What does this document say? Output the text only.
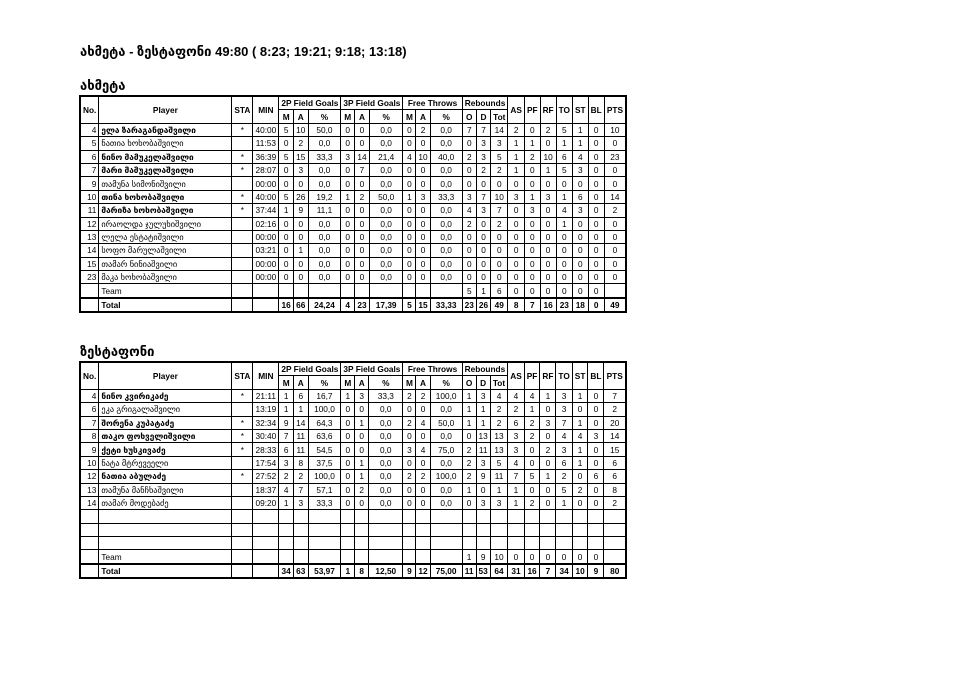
ახმეტა - ზესტაფონი 49:80 ( 8:23; 19:21; 9:18; 13:18)
ახმეტა
No.	Player	STA	MIN	2P Field Goals			3P Field Goals			Free Throws			Rebounds			AS	PF	RF	TO	ST	BL	PTS
				M	A	%	M	A	%	M	A	%	O	D	Tot							
4	ელა ზარაგანდაშვილი	*	40:00	5	10	50,0	0	0	0,0	0	2	0,0	7	7	14	2	0	2	5	1	0	10
5	ნათია ხოხობაშვილი		11:53	0	2	0,0	0	0	0,0	0	0	0,0	0	3	3	1	1	0	1	1	0	0
6	ნინო მამუკელაშვილი	*	36:39	5	15	33,3	3	14	21,4	4	10	40,0	2	3	5	1	2	10	6	4	0	23
7	მარი მამუკელაშვილი	*	28:07	0	3	0,0	0	7	0,0	0	0	0,0	0	2	2	1	0	1	5	3	0	0
9	თამუნა სიმონიშვილი		00:00	0	0	0,0	0	0	0,0	0	0	0,0	0	0	0	0	0	0	0	0	0	0
10	თინა ხოხობაშვილი	*	40:00	5	26	19,2	1	2	50,0	1	3	33,3	3	7	10	3	1	3	1	6	0	14
11	მარიზა ხოხობაშვილი	*	37:44	1	9	11,1	0	0	0,0	0	0	0,0	4	3	7	0	3	0	4	3	0	2
12	ირაოლდა ჯულუხიშვილი		02:16	0	0	0,0	0	0	0,0	0	0	0,0	2	0	2	0	0	0	1	0	0	0
13	ლელა ესტატიშვილი		00:00	0	0	0,0	0	0	0,0	0	0	0,0	0	0	0	0	0	0	0	0	0	0
14	სოფო მარულაშვილი		03:21	0	1	0,0	0	0	0,0	0	0	0,0	0	0	0	0	0	0	0	0	0	0
15	თამარ ნინიაშვილი		00:00	0	0	0,0	0	0	0,0	0	0	0,0	0	0	0	0	0	0	0	0	0	0
23	მაკა ხოხობაშვილი		00:00	0	0	0,0	0	0	0,0	0	0	0,0	0	0	0	0	0	0	0	0	0	0
	Team												5	1	6	0	0	0	0	0	0	
	Total			16	66	24,24	4	23	17,39	5	15	33,33	23	26	49	8	7	16	23	18	0	49
ზესტაფონი
No.	Player	STA	MIN	2P Field Goals			3P Field Goals			Free Throws			Rebounds			AS	PF	RF	TO	ST	BL	PTS
				M	A	%	M	A	%	M	A	%	O	D	Tot							
4	ნინო კვირიკაძე	*	21:11	1	6	16,7	1	3	33,3	2	2	100,0	1	3	4	4	4	1	3	1	0	7
6	ეკა გრიგალაშვილი		13:19	1	1	100,0	0	0	0,0	0	0	0,0	1	1	2	2	1	0	3	0	0	2
7	შორენა კუპატაძე	*	32:34	9	14	64,3	0	1	0,0	2	4	50,0	1	1	2	6	2	3	7	1	0	20
8	თაკო ფოხველიშვილი	*	30:40	7	11	63,6	0	0	0,0	0	0	0,0	0	13	13	3	2	0	4	4	3	14
9	ქეტი ხუსკივაძე	*	28:33	6	11	54,5	0	0	0,0	3	4	75,0	2	11	13	3	0	2	3	1	0	15
10	ნატა მტრევეელი		17:54	3	8	37,5	0	1	0,0	0	0	0,0	2	3	5	4	0	0	6	1	0	6
12	ნათია აბულაძე	*	27:52	2	2	100,0	0	1	0,0	2	2	100,0	2	9	11	7	5	1	2	0	6	6
13	თამუნა მანჩხაშვილი		18:37	4	7	57,1	0	2	0,0	0	0	0,0	1	0	1	1	0	0	5	2	0	8
14	თამარ მოდებაძე		09:20	1	3	33,3	0	0	0,0	0	0	0,0	0	3	3	1	2	0	1	0	0	2

	Team												1	9	10	0	0	0	0	0	0	
	Total			34	63	53,97	1	8	12,50	9	12	75,00	11	53	64	31	16	7	34	10	9	80
